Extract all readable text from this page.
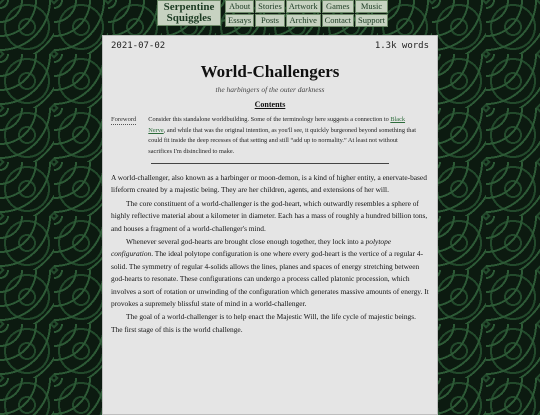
Serpentine
Squiggles
About Stories Artwork Games	Music
Essays	Posts	Archive Contact Support
2021-07-02	1.3k words
World-Challengers
the harbingers of the outer darkness
Contents
Foreword Consider this standalone worldbuilding. Some of the terminology here suggests a connection to Black Nerve, and while that was the original intention, as you'll see, it quickly burgeoned beyond something that could fit inside the deep recesses of that setting and still “add up to normality.” At least not without sacrifices I'm disinclined to make.

A world-challenger, also known as a harbinger or moon-demon, is a kind of higher entity, a enervate-based lifeform created by a majestic being. They are her children, agents, and extensions of her will.

The core constituent of a world-challenger is the god-heart, which outwardly resembles a sphere of highly reflective material about a kilometer in diameter. Each has a mass of roughly a hundred billion tons, and houses a fragment of a world-challenger's mind.

Whenever several god-hearts are brought close enough together, they lock into a polytope configuration. The ideal polytope configuration is one where every god-heart is the vertice of a regular 4-solid. The symmetry of regular 4-solids allows the lines, planes and spaces of energy stretching between god-hearts to resonate. These configurations can undergo a process called platonic procession, which involves a sort of rotation or unwinding of the configuration which generates massive amounts of energy. It provokes a supremely blissful state of mind in a world-challenger.

The goal of a world-challenger is to help enact the Majestic Will, the life cycle of majestic beings. The first stage of this is the world challenge.
